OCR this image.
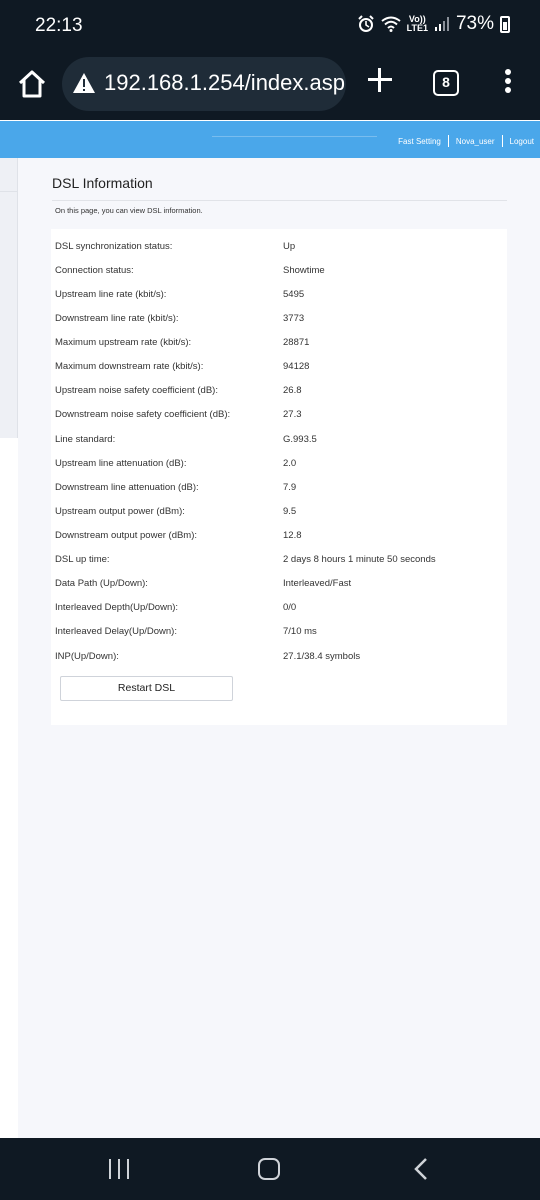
22:13	Vo))
LTE1 73%
192.168.1.254/index.asp	8
Fast Setting Nova_user Logout
DSL Information
On this page, you can view DSL information.
DSL synchronization status:	Up
Connection status:	Showtime
Upstream line rate (kbit/s):	5495
Downstream line rate (kbit/s):	3773
Maximum upstream rate (kbit/s):	28871
Maximum downstream rate (kbit/s):	94128
Upstream noise safety coefficient (dB):	26.8
Downstream noise safety coefficient (dB):	27.3
Line standard:	G.993.5
Upstream line attenuation (dB):	2.0
Downstream line attenuation (dB):	7.9
Upstream output power (dBm):	9.5
Downstream output power (dBm):	12.8
DSL up time:	2 days 8 hours 1 minute 50 seconds
Data Path (Up/Down):	Interleaved/Fast
Interleaved Depth(Up/Down):	0/0
Interleaved Delay(Up/Down):	7/10 ms
INP(Up/Down):	27.1/38.4 symbols
Restart DSL
